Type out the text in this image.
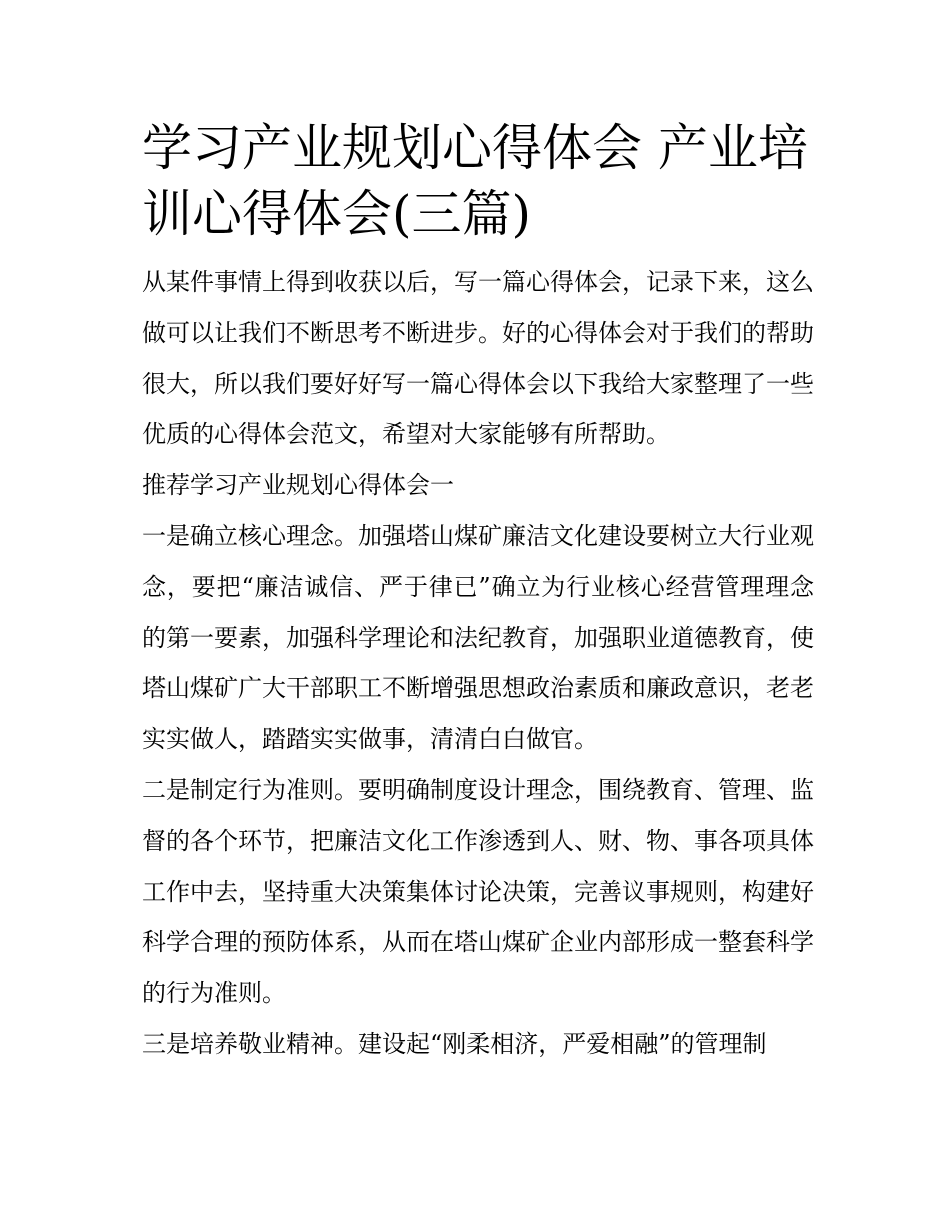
学习产业规划心得体会 产业培训心得体会(三篇)

从某件事情上得到收获以后，写一篇心得体会，记录下来，这么做可以让我们不断思考不断进步。好的心得体会对于我们的帮助很大，所以我们要好好写一篇心得体会以下我给大家整理了一些优质的心得体会范文，希望对大家能够有所帮助。

推荐学习产业规划心得体会一

一是确立核心理念。加强塔山煤矿廉洁文化建设要树立大行业观念，要把“廉洁诚信、严于律已”确立为行业核心经营管理理念的第一要素，加强科学理论和法纪教育，加强职业道德教育，使塔山煤矿广大干部职工不断增强思想政治素质和廉政意识，老老实实做人，踏踏实实做事，清清白白做官。

二是制定行为准则。要明确制度设计理念，围绕教育、管理、监督的各个环节，把廉洁文化工作渗透到人、财、物、事各项具体工作中去，坚持重大决策集体讨论决策，完善议事规则，构建好科学合理的预防体系，从而在塔山煤矿企业内部形成一整套科学的行为准则。

三是培养敬业精神。建设起“刚柔相济，严爱相融”的管理制
